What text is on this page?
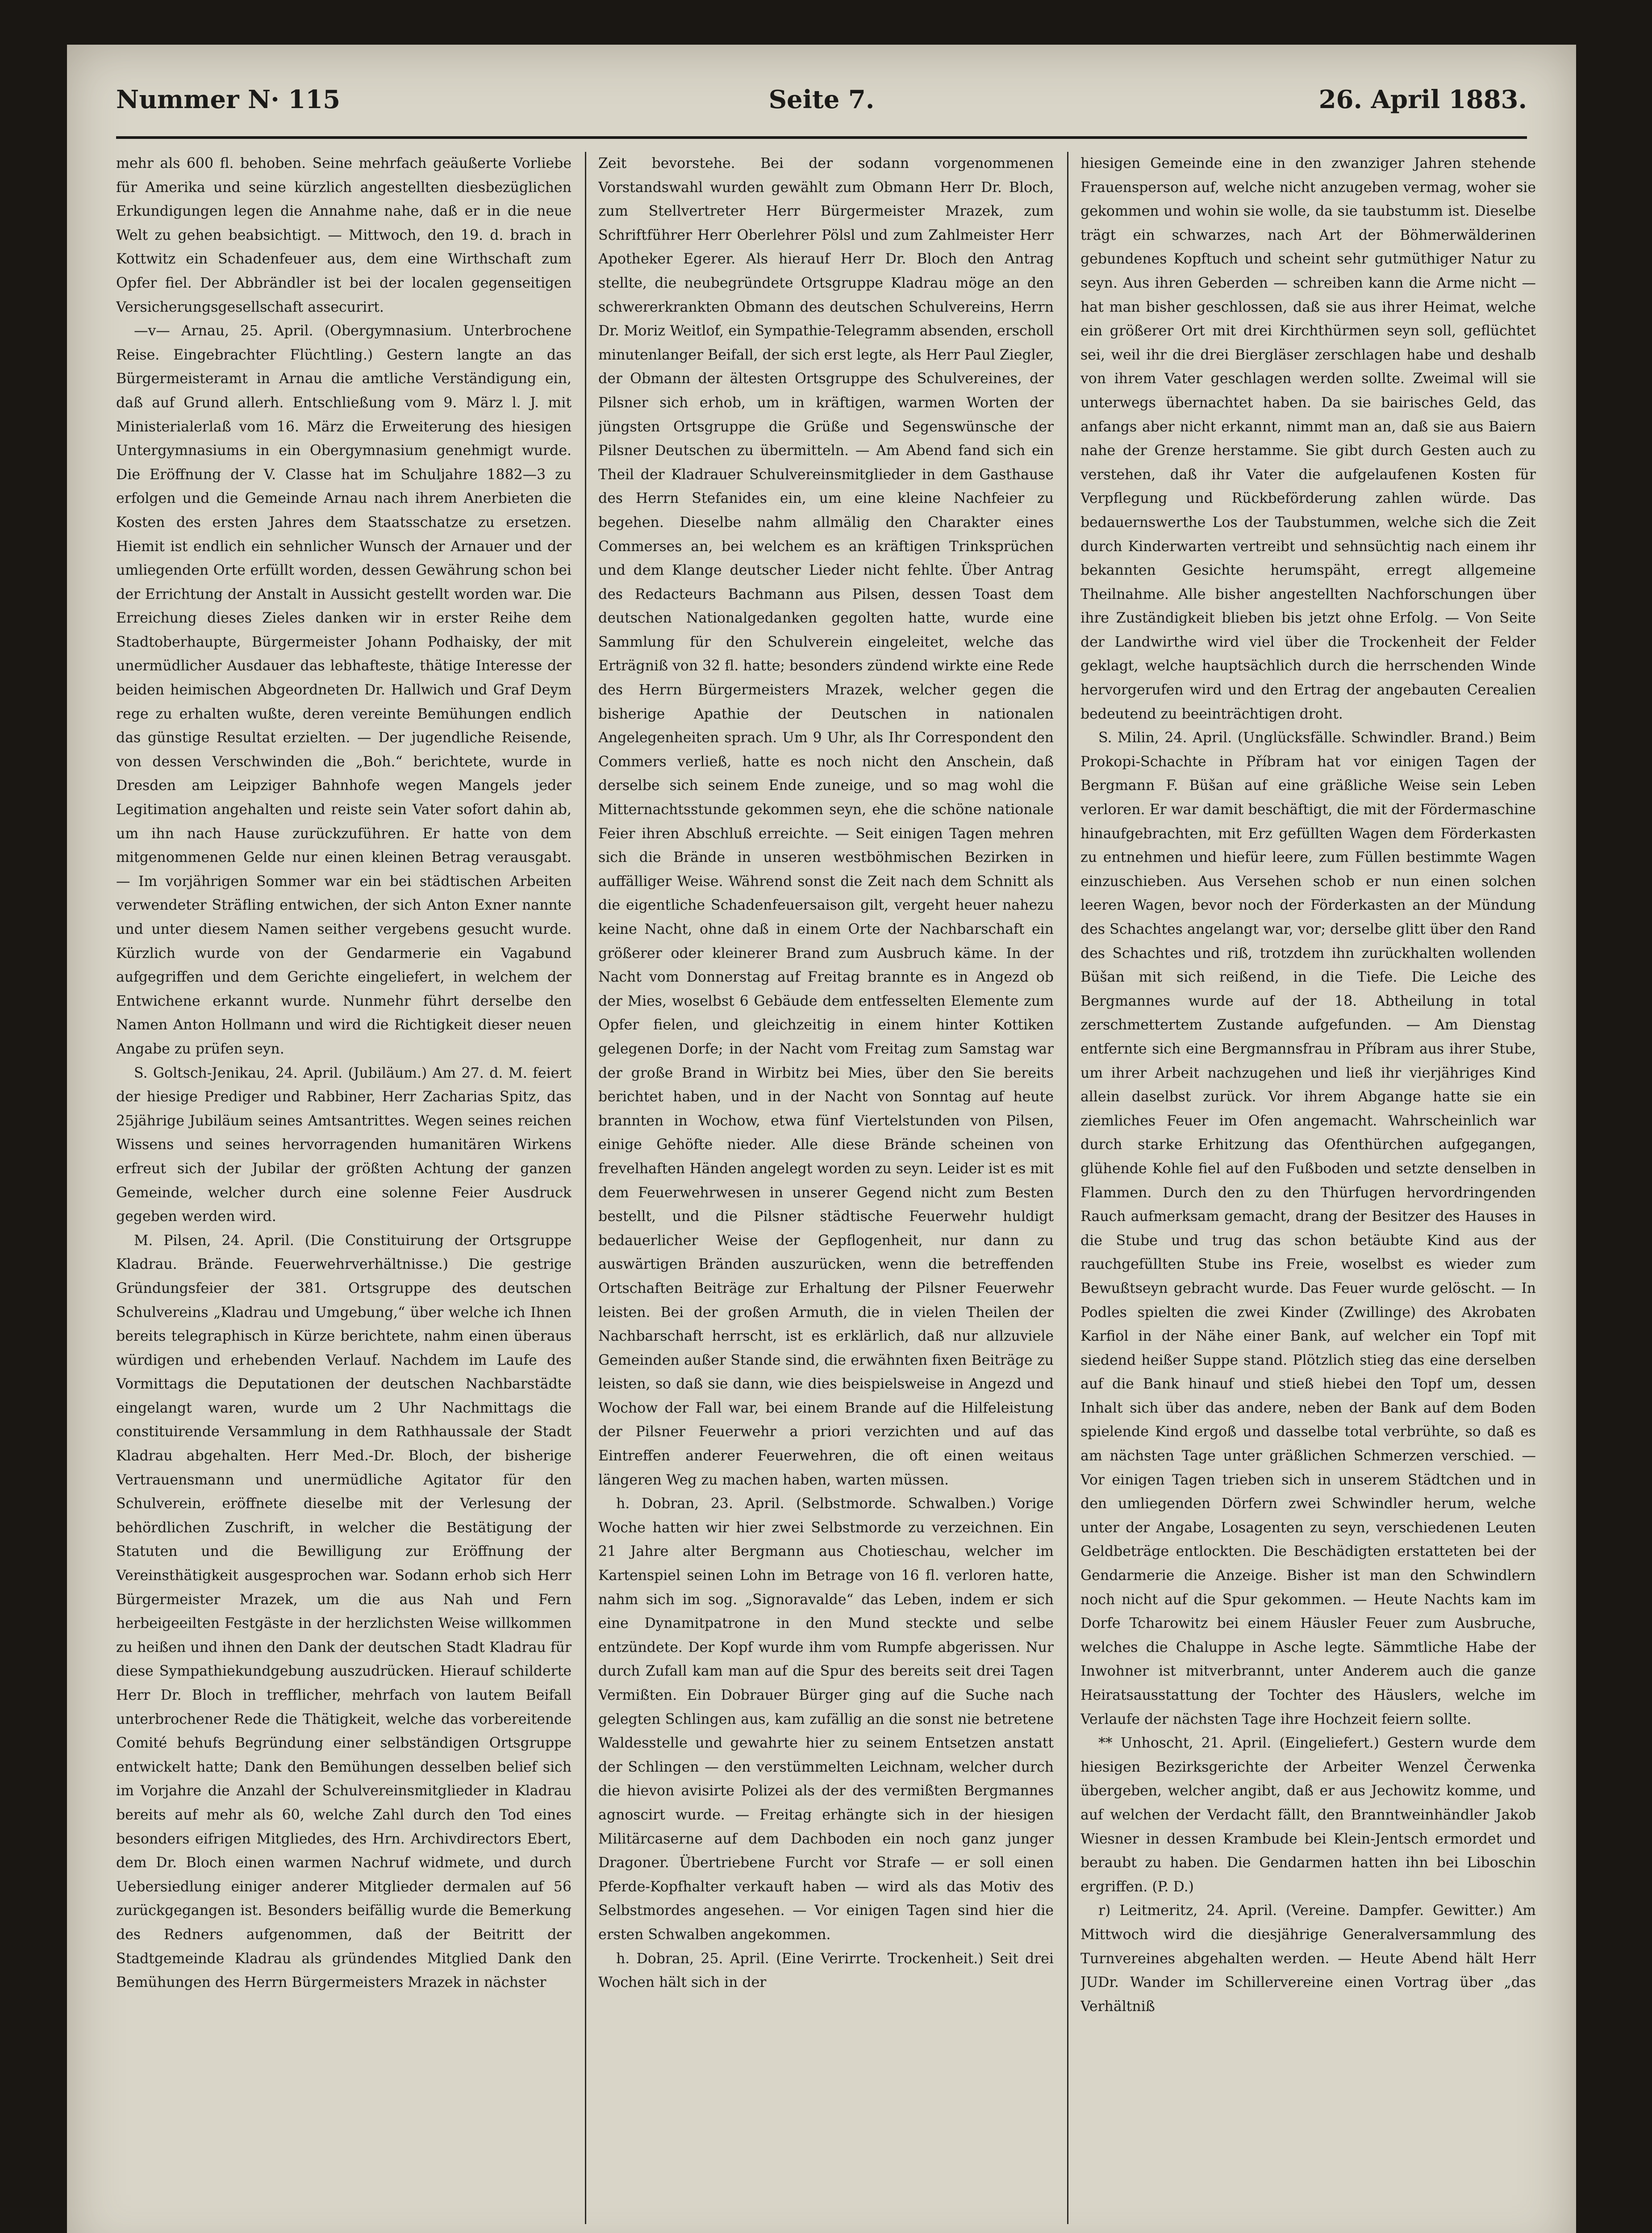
Nummer N· 115	Seite 7.	26. April 1883.

mehr als 600 fl. behoben. Seine mehrfach geäußerte Vorliebe für Amerika und seine kürzlich angestellten diesbezüglichen Erkundigungen legen die Annahme nahe, daß er in die neue Welt zu gehen beabsichtigt. — Mittwoch, den 19. d. brach in Kottwitz ein Schadenfeuer aus, dem eine Wirthschaft zum Opfer fiel. Der Abbrändler ist bei der localen gegenseitigen Versicherungsgesellschaft assecurirt.

—v— Arnau, 25. April. (Obergymnasium. Unterbrochene Reise. Eingebrachter Flüchtling.) Gestern langte an das Bürgermeisteramt in Arnau die amtliche Verständigung ein, daß auf Grund allerh. Entschließung vom 9. März l. J. mit Ministerialerlaß vom 16. März die Erweiterung des hiesigen Untergymnasiums in ein Obergymnasium genehmigt wurde. Die Eröffnung der V. Classe hat im Schuljahre 1882—3 zu erfolgen und die Gemeinde Arnau nach ihrem Anerbieten die Kosten des ersten Jahres dem Staatsschatze zu ersetzen. Hiemit ist endlich ein sehnlicher Wunsch der Arnauer und der umliegenden Orte erfüllt worden, dessen Gewährung schon bei der Errichtung der Anstalt in Aussicht gestellt worden war. Die Erreichung dieses Zieles danken wir in erster Reihe dem Stadtoberhaupte, Bürgermeister Johann Podhaisky, der mit unermüdlicher Ausdauer das lebhafteste, thätige Interesse der beiden heimischen Abgeordneten Dr. Hallwich und Graf Deym rege zu erhalten wußte, deren vereinte Bemühungen endlich das günstige Resultat erzielten. — Der jugendliche Reisende, von dessen Verschwinden die „Boh.“ berichtete, wurde in Dresden am Leipziger Bahnhofe wegen Mangels jeder Legitimation angehalten und reiste sein Vater sofort dahin ab, um ihn nach Hause zurückzuführen. Er hatte von dem mitgenommenen Gelde nur einen kleinen Betrag verausgabt. — Im vorjährigen Sommer war ein bei städtischen Arbeiten verwendeter Sträfling entwichen, der sich Anton Exner nannte und unter diesem Namen seither vergebens gesucht wurde. Kürzlich wurde von der Gendarmerie ein Vagabund aufgegriffen und dem Gerichte eingeliefert, in welchem der Entwichene erkannt wurde. Nunmehr führt derselbe den Namen Anton Hollmann und wird die Richtigkeit dieser neuen Angabe zu prüfen seyn.

S. Goltsch-Jenikau, 24. April. (Jubiläum.) Am 27. d. M. feiert der hiesige Prediger und Rabbiner, Herr Zacharias Spitz, das 25jährige Jubiläum seines Amtsantrittes. Wegen seines reichen Wissens und seines hervorragenden humanitären Wirkens erfreut sich der Jubilar der größten Achtung der ganzen Gemeinde, welcher durch eine solenne Feier Ausdruck gegeben werden wird.

M. Pilsen, 24. April. (Die Constituirung der Ortsgruppe Kladrau. Brände. Feuerwehrverhältnisse.) Die gestrige Gründungsfeier der 381. Ortsgruppe des deutschen Schulvereins „Kladrau und Umgebung,“ über welche ich Ihnen bereits telegraphisch in Kürze berichtete, nahm einen überaus würdigen und erhebenden Verlauf. Nachdem im Laufe des Vormittags die Deputationen der deutschen Nachbarstädte eingelangt waren, wurde um 2 Uhr Nachmittags die constituirende Versammlung in dem Rathhaussale der Stadt Kladrau abgehalten. Herr Med.-Dr. Bloch, der bisherige Vertrauensmann und unermüdliche Agitator für den Schulverein, eröffnete dieselbe mit der Verlesung der behördlichen Zuschrift, in welcher die Bestätigung der Statuten und die Bewilligung zur Eröffnung der Vereinsthätigkeit ausgesprochen war. Sodann erhob sich Herr Bürgermeister Mrazek, um die aus Nah und Fern herbeigeeilten Festgäste in der herzlichsten Weise willkommen zu heißen und ihnen den Dank der deutschen Stadt Kladrau für diese Sympathiekundgebung auszudrücken. Hierauf schilderte Herr Dr. Bloch in trefflicher, mehrfach von lautem Beifall unterbrochener Rede die Thätigkeit, welche das vorbereitende Comité behufs Begründung einer selbständigen Ortsgruppe entwickelt hatte; Dank den Bemühungen desselben belief sich im Vorjahre die Anzahl der Schulvereinsmitglieder in Kladrau bereits auf mehr als 60, welche Zahl durch den Tod eines besonders eifrigen Mitgliedes, des Hrn. Archivdirectors Ebert, dem Dr. Bloch einen warmen Nachruf widmete, und durch Uebersiedlung einiger anderer Mitglieder dermalen auf 56 zurückgegangen ist. Besonders beifällig wurde die Bemerkung des Redners aufgenommen, daß der Beitritt der Stadtgemeinde Kladrau als gründendes Mitglied Dank den Bemühungen des Herrn Bürgermeisters Mrazek in nächster

Zeit bevorstehe. Bei der sodann vorgenommenen Vorstandswahl wurden gewählt zum Obmann Herr Dr. Bloch, zum Stellvertreter Herr Bürgermeister Mrazek, zum Schriftführer Herr Oberlehrer Pölsl und zum Zahlmeister Herr Apotheker Egerer. Als hierauf Herr Dr. Bloch den Antrag stellte, die neubegründete Ortsgruppe Kladrau möge an den schwererkrankten Obmann des deutschen Schulvereins, Herrn Dr. Moriz Weitlof, ein Sympathie-Telegramm absenden, erscholl minutenlanger Beifall, der sich erst legte, als Herr Paul Ziegler, der Obmann der ältesten Ortsgruppe des Schulvereines, der Pilsner sich erhob, um in kräftigen, warmen Worten der jüngsten Ortsgruppe die Grüße und Segenswünsche der Pilsner Deutschen zu übermitteln. — Am Abend fand sich ein Theil der Kladrauer Schulvereinsmitglieder in dem Gasthause des Herrn Stefanides ein, um eine kleine Nachfeier zu begehen. Dieselbe nahm allmälig den Charakter eines Commerses an, bei welchem es an kräftigen Trinksprüchen und dem Klange deutscher Lieder nicht fehlte. Über Antrag des Redacteurs Bachmann aus Pilsen, dessen Toast dem deutschen Nationalgedanken gegolten hatte, wurde eine Sammlung für den Schulverein eingeleitet, welche das Erträgniß von 32 fl. hatte; besonders zündend wirkte eine Rede des Herrn Bürgermeisters Mrazek, welcher gegen die bisherige Apathie der Deutschen in nationalen Angelegenheiten sprach. Um 9 Uhr, als Ihr Correspondent den Commers verließ, hatte es noch nicht den Anschein, daß derselbe sich seinem Ende zuneige, und so mag wohl die Mitternachtsstunde gekommen seyn, ehe die schöne nationale Feier ihren Abschluß erreichte. — Seit einigen Tagen mehren sich die Brände in unseren westböhmischen Bezirken in auffälliger Weise. Während sonst die Zeit nach dem Schnitt als die eigentliche Schadenfeuersaison gilt, vergeht heuer nahezu keine Nacht, ohne daß in einem Orte der Nachbarschaft ein größerer oder kleinerer Brand zum Ausbruch käme. In der Nacht vom Donnerstag auf Freitag brannte es in Angezd ob der Mies, woselbst 6 Gebäude dem entfesselten Elemente zum Opfer fielen, und gleichzeitig in einem hinter Kottiken gelegenen Dorfe; in der Nacht vom Freitag zum Samstag war der große Brand in Wirbitz bei Mies, über den Sie bereits berichtet haben, und in der Nacht von Sonntag auf heute brannten in Wochow, etwa fünf Viertelstunden von Pilsen, einige Gehöfte nieder. Alle diese Brände scheinen von frevelhaften Händen angelegt worden zu seyn. Leider ist es mit dem Feuerwehrwesen in unserer Gegend nicht zum Besten bestellt, und die Pilsner städtische Feuerwehr huldigt bedauerlicher Weise der Gepflogenheit, nur dann zu auswärtigen Bränden auszurücken, wenn die betreffenden Ortschaften Beiträge zur Erhaltung der Pilsner Feuerwehr leisten. Bei der großen Armuth, die in vielen Theilen der Nachbarschaft herrscht, ist es erklärlich, daß nur allzuviele Gemeinden außer Stande sind, die erwähnten fixen Beiträge zu leisten, so daß sie dann, wie dies beispielsweise in Angezd und Wochow der Fall war, bei einem Brande auf die Hilfeleistung der Pilsner Feuerwehr a priori verzichten und auf das Eintreffen anderer Feuerwehren, die oft einen weitaus längeren Weg zu machen haben, warten müssen.

h. Dobran, 23. April. (Selbstmorde. Schwalben.) Vorige Woche hatten wir hier zwei Selbstmorde zu verzeichnen. Ein 21 Jahre alter Bergmann aus Chotieschau, welcher im Kartenspiel seinen Lohn im Betrage von 16 fl. verloren hatte, nahm sich im sog. „Signoravalde“ das Leben, indem er sich eine Dynamitpatrone in den Mund steckte und selbe entzündete. Der Kopf wurde ihm vom Rumpfe abgerissen. Nur durch Zufall kam man auf die Spur des bereits seit drei Tagen Vermißten. Ein Dobrauer Bürger ging auf die Suche nach gelegten Schlingen aus, kam zufällig an die sonst nie betretene Waldesstelle und gewahrte hier zu seinem Entsetzen anstatt der Schlingen — den verstümmelten Leichnam, welcher durch die hievon avisirte Polizei als der des vermißten Bergmannes agnoscirt wurde. — Freitag erhängte sich in der hiesigen Militärcaserne auf dem Dachboden ein noch ganz junger Dragoner. Übertriebene Furcht vor Strafe — er soll einen Pferde-Kopfhalter verkauft haben — wird als das Motiv des Selbstmordes angesehen. — Vor einigen Tagen sind hier die ersten Schwalben angekommen.

h. Dobran, 25. April. (Eine Verirrte. Trockenheit.) Seit drei Wochen hält sich in der

hiesigen Gemeinde eine in den zwanziger Jahren stehende Frauensperson auf, welche nicht anzugeben vermag, woher sie gekommen und wohin sie wolle, da sie taubstumm ist. Dieselbe trägt ein schwarzes, nach Art der Böhmerwälderinen gebundenes Kopftuch und scheint sehr gutmüthiger Natur zu seyn. Aus ihren Geberden — schreiben kann die Arme nicht — hat man bisher geschlossen, daß sie aus ihrer Heimat, welche ein größerer Ort mit drei Kirchthürmen seyn soll, geflüchtet sei, weil ihr die drei Biergläser zerschlagen habe und deshalb von ihrem Vater geschlagen werden sollte. Zweimal will sie unterwegs übernachtet haben. Da sie bairisches Geld, das anfangs aber nicht erkannt, nimmt man an, daß sie aus Baiern nahe der Grenze herstamme. Sie gibt durch Gesten auch zu verstehen, daß ihr Vater die aufgelaufenen Kosten für Verpflegung und Rückbeförderung zahlen würde. Das bedauernswerthe Los der Taubstummen, welche sich die Zeit durch Kinderwarten vertreibt und sehnsüchtig nach einem ihr bekannten Gesichte herumspäht, erregt allgemeine Theilnahme. Alle bisher angestellten Nachforschungen über ihre Zuständigkeit blieben bis jetzt ohne Erfolg. — Von Seite der Landwirthe wird viel über die Trockenheit der Felder geklagt, welche hauptsächlich durch die herrschenden Winde hervorgerufen wird und den Ertrag der angebauten Cerealien bedeutend zu beeinträchtigen droht.

S. Milin, 24. April. (Unglücksfälle. Schwindler. Brand.) Beim Prokopi-Schachte in Příbram hat vor einigen Tagen der Bergmann F. Büšan auf eine gräßliche Weise sein Leben verloren. Er war damit beschäftigt, die mit der Fördermaschine hinaufgebrachten, mit Erz gefüllten Wagen dem Förderkasten zu entnehmen und hiefür leere, zum Füllen bestimmte Wagen einzuschieben. Aus Versehen schob er nun einen solchen leeren Wagen, bevor noch der Förderkasten an der Mündung des Schachtes angelangt war, vor; derselbe glitt über den Rand des Schachtes und riß, trotzdem ihn zurückhalten wollenden Büšan mit sich reißend, in die Tiefe. Die Leiche des Bergmannes wurde auf der 18. Abtheilung in total zerschmettertem Zustande aufgefunden. — Am Dienstag entfernte sich eine Bergmannsfrau in Příbram aus ihrer Stube, um ihrer Arbeit nachzugehen und ließ ihr vierjähriges Kind allein daselbst zurück. Vor ihrem Abgange hatte sie ein ziemliches Feuer im Ofen angemacht. Wahrscheinlich war durch starke Erhitzung das Ofenthürchen aufgegangen, glühende Kohle fiel auf den Fußboden und setzte denselben in Flammen. Durch den zu den Thürfugen hervordringenden Rauch aufmerksam gemacht, drang der Besitzer des Hauses in die Stube und trug das schon betäubte Kind aus der rauchgefüllten Stube ins Freie, woselbst es wieder zum Bewußtseyn gebracht wurde. Das Feuer wurde gelöscht. — In Podles spielten die zwei Kinder (Zwillinge) des Akrobaten Karfiol in der Nähe einer Bank, auf welcher ein Topf mit siedend heißer Suppe stand. Plötzlich stieg das eine derselben auf die Bank hinauf und stieß hiebei den Topf um, dessen Inhalt sich über das andere, neben der Bank auf dem Boden spielende Kind ergoß und dasselbe total verbrühte, so daß es am nächsten Tage unter gräßlichen Schmerzen verschied. — Vor einigen Tagen trieben sich in unserem Städtchen und in den umliegenden Dörfern zwei Schwindler herum, welche unter der Angabe, Losagenten zu seyn, verschiedenen Leuten Geldbeträge entlockten. Die Beschädigten erstatteten bei der Gendarmerie die Anzeige. Bisher ist man den Schwindlern noch nicht auf die Spur gekommen. — Heute Nachts kam im Dorfe Tcharowitz bei einem Häusler Feuer zum Ausbruche, welches die Chaluppe in Asche legte. Sämmtliche Habe der Inwohner ist mitverbrannt, unter Anderem auch die ganze Heiratsausstattung der Tochter des Häuslers, welche im Verlaufe der nächsten Tage ihre Hochzeit feiern sollte.

** Unhoscht, 21. April. (Eingeliefert.) Gestern wurde dem hiesigen Bezirksgerichte der Arbeiter Wenzel Čerwenka übergeben, welcher angibt, daß er aus Jechowitz komme, und auf welchen der Verdacht fällt, den Branntweinhändler Jakob Wiesner in dessen Krambude bei Klein-Jentsch ermordet und beraubt zu haben. Die Gendarmen hatten ihn bei Liboschin ergriffen. (P. D.)

r) Leitmeritz, 24. April. (Vereine. Dampfer. Gewitter.) Am Mittwoch wird die diesjährige Generalversammlung des Turnvereines abgehalten werden. — Heute Abend hält Herr JUDr. Wander im Schillervereine einen Vortrag über „das Verhältniß
